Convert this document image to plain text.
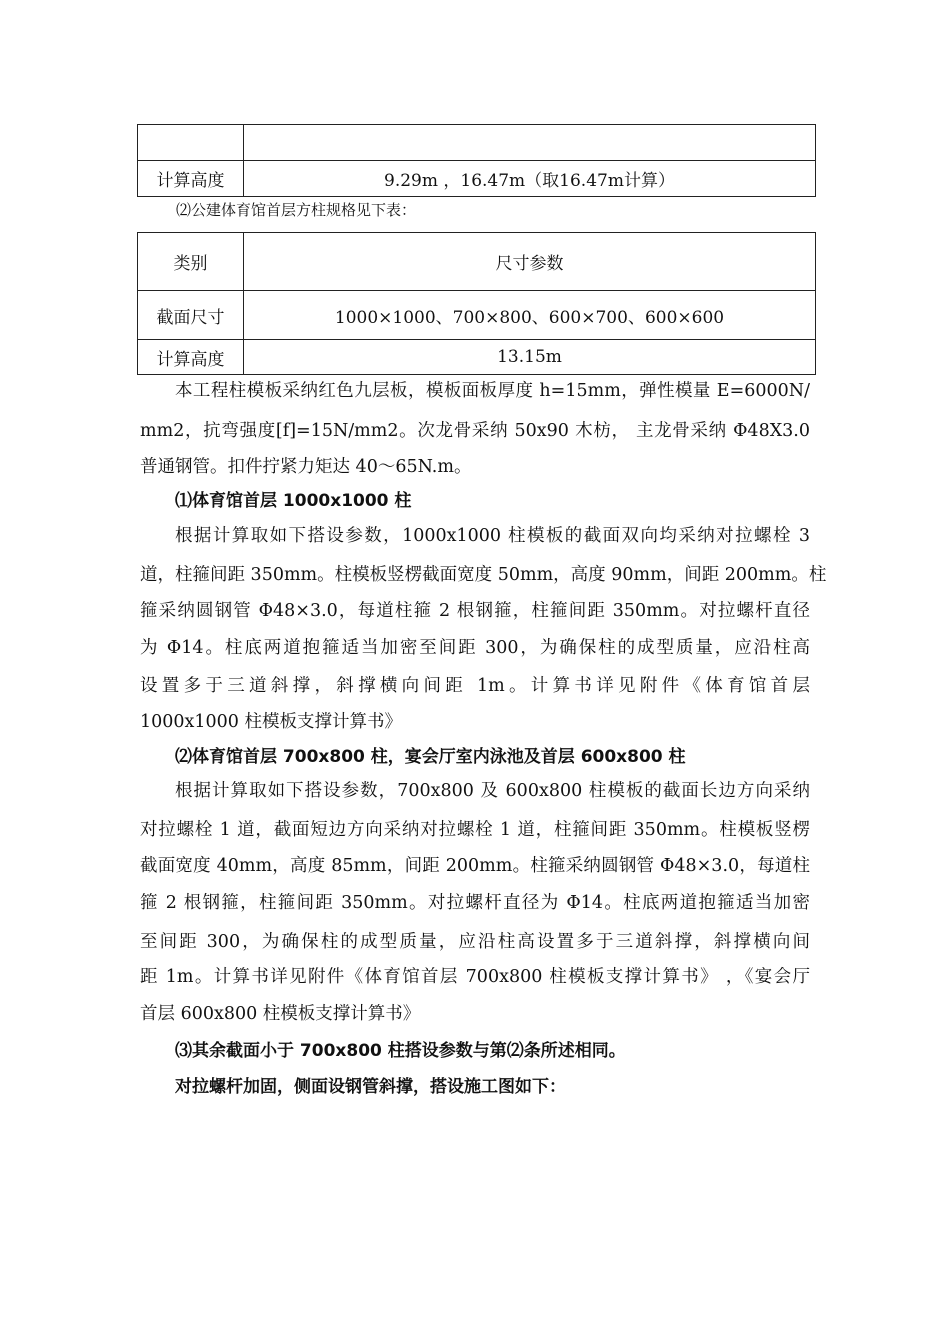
计算高度	9.29m ，16.47m（取16.47m计算）
⑵公建体育馆首层方柱规格见下表：
类别	尺寸参数
截面尺寸	1000×1000、700×800、600×700、600×600
计算高度	13.15m
本工程柱模板采纳红色九层板，模板面板厚度 h=15mm，弹性模量 E=6000N/
mm2，抗弯强度[f]=15N/mm2。次龙骨采纳 50x90 木枋， 主龙骨采纳 Φ48X3.0
普通钢管。扣件拧紧力矩达 40～65N.m。
⑴体育馆首层 1000x1000 柱
根据计算取如下搭设参数，1000x1000 柱模板的截面双向均采纳对拉螺栓 3
道，柱箍间距 350mm。柱模板竖楞截面宽度 50mm，高度 90mm，间距 200mm。柱
箍采纳圆钢管 Φ48×3.0，每道柱箍 2 根钢箍，柱箍间距 350mm。对拉螺杆直径
为 Φ14。柱底两道抱箍适当加密至间距 300，为确保柱的成型质量，应沿柱高
设置多于三道斜撑，斜撑横向间距 1m。计算书详见附件《体育馆首层
1000x1000 柱模板支撑计算书》
⑵体育馆首层 700x800 柱，宴会厅室内泳池及首层 600x800 柱
根据计算取如下搭设参数，700x800 及 600x800 柱模板的截面长边方向采纳
对拉螺栓 1 道，截面短边方向采纳对拉螺栓 1 道，柱箍间距 350mm。柱模板竖楞
截面宽度 40mm，高度 85mm，间距 200mm。柱箍采纳圆钢管 Φ48×3.0，每道柱
箍 2 根钢箍，柱箍间距 350mm。对拉螺杆直径为 Φ14。柱底两道抱箍适当加密
至间距 300，为确保柱的成型质量，应沿柱高设置多于三道斜撑，斜撑横向间
距 1m。计算书详见附件《体育馆首层 700x800 柱模板支撑计算书》 ，《宴会厅
首层 600x800 柱模板支撑计算书》
⑶其余截面小于 700x800 柱搭设参数与第⑵条所述相同。
对拉螺杆加固，侧面设钢管斜撑，搭设施工图如下：
